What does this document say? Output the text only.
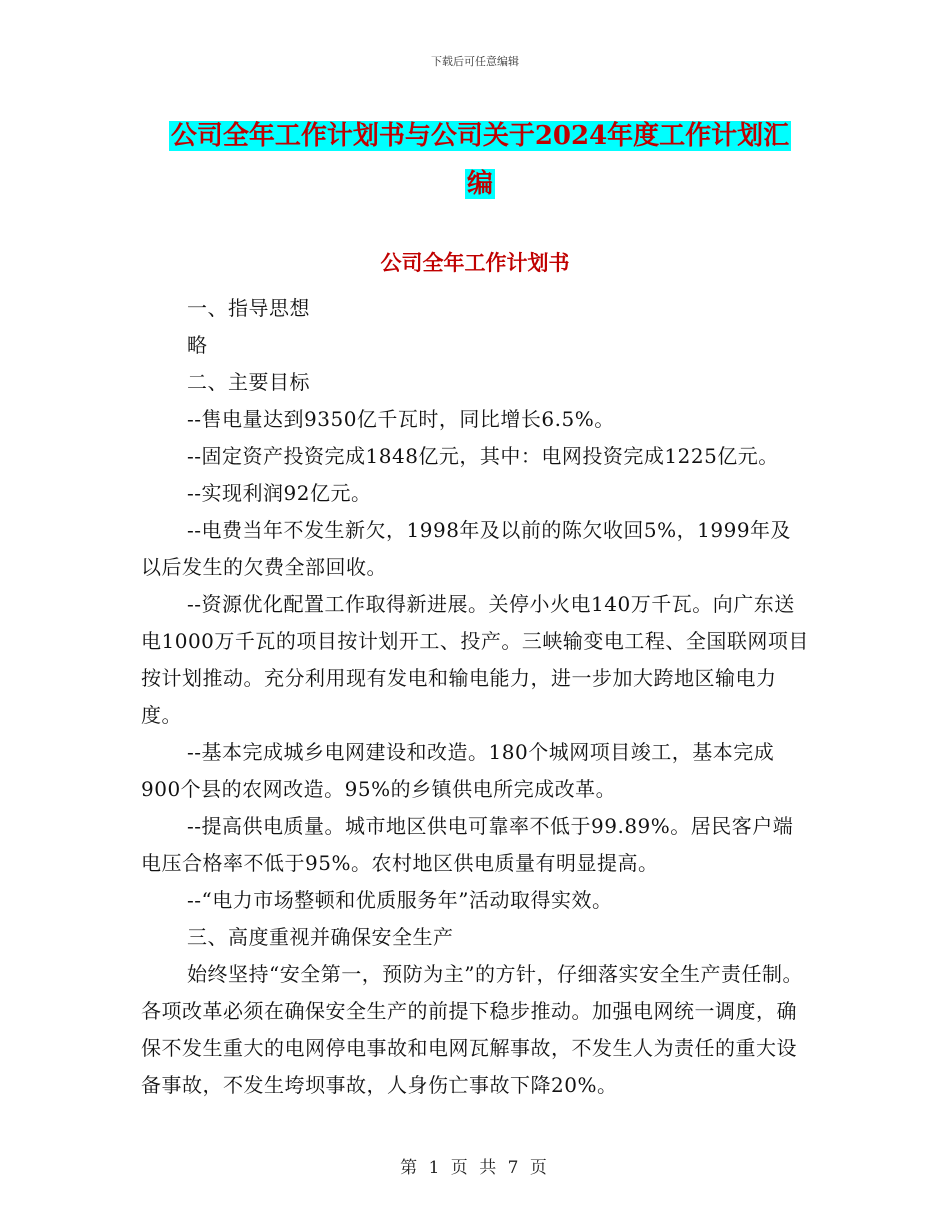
下载后可任意编辑
公司全年工作计划书与公司关于2024年度工作计划汇
编
公司全年工作计划书

一、指导思想

略

二、主要目标

--售电量达到9350亿千瓦时，同比增长6.5%。

--固定资产投资完成1848亿元，其中：电网投资完成1225亿元。

--实现利润92亿元。

--电费当年不发生新欠，1998年及以前的陈欠收回5%，1999年及以后发生的欠费全部回收。

--资源优化配置工作取得新进展。关停小火电140万千瓦。向广东送电1000万千瓦的项目按计划开工、投产。三峡输变电工程、全国联网项目按计划推动。充分利用现有发电和输电能力，进一步加大跨地区输电力度。

--基本完成城乡电网建设和改造。180个城网项目竣工，基本完成900个县的农网改造。95%的乡镇供电所完成改革。

--提高供电质量。城市地区供电可靠率不低于99.89%。居民客户端电压合格率不低于95%。农村地区供电质量有明显提高。

--“电力市场整顿和优质服务年”活动取得实效。

三、高度重视并确保安全生产

始终坚持“安全第一，预防为主”的方针，仔细落实安全生产责任制。各项改革必须在确保安全生产的前提下稳步推动。加强电网统一调度，确保不发生重大的电网停电事故和电网瓦解事故，不发生人为责任的重大设备事故，不发生垮坝事故，人身伤亡事故下降20%。

第 1 页 共 7 页
